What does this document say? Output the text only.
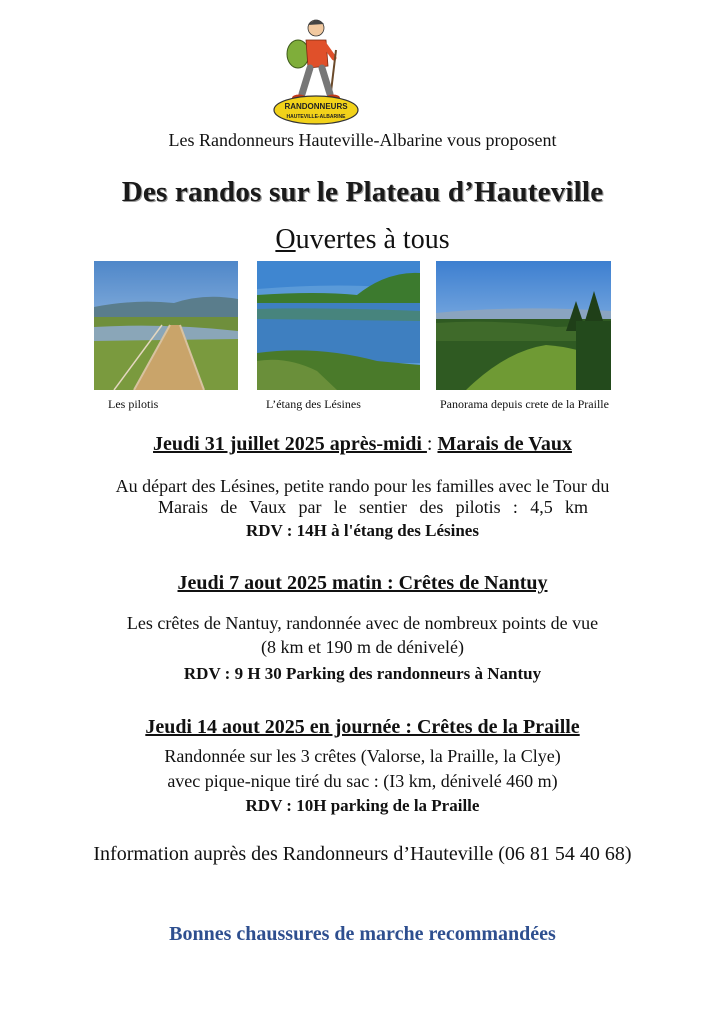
RANDONNEURS
HAUTEVILLE-ALBARINE
Les Randonneurs Hauteville-Albarine vous proposent
Des randos sur le Plateau d’Hauteville
Ouvertes à tous
Les pilotis	L’étang des Lésines	Panorama depuis crete de la Praille
Jeudi 31 juillet 2025 après-midi : Marais de Vaux
Au départ des Lésines, petite rando pour les familles avec le Tour du
Marais de Vaux par le sentier des pilotis : 4,5 km
RDV : 14H à l'étang des Lésines
Jeudi 7 aout 2025 matin : Crêtes de Nantuy
Les crêtes de Nantuy, randonnée avec de nombreux points de vue
(8 km et 190 m de dénivelé)
RDV : 9 H 30 Parking des randonneurs à Nantuy
Jeudi 14 aout 2025 en journée : Crêtes de la Praille
Randonnée sur les 3 crêtes (Valorse, la Praille, la Clye)
avec pique-nique tiré du sac : (I3 km, dénivelé 460 m)
RDV : 10H parking de la Praille
Information auprès des Randonneurs d’Hauteville (06 81 54 40 68)
Bonnes chaussures de marche recommandées
